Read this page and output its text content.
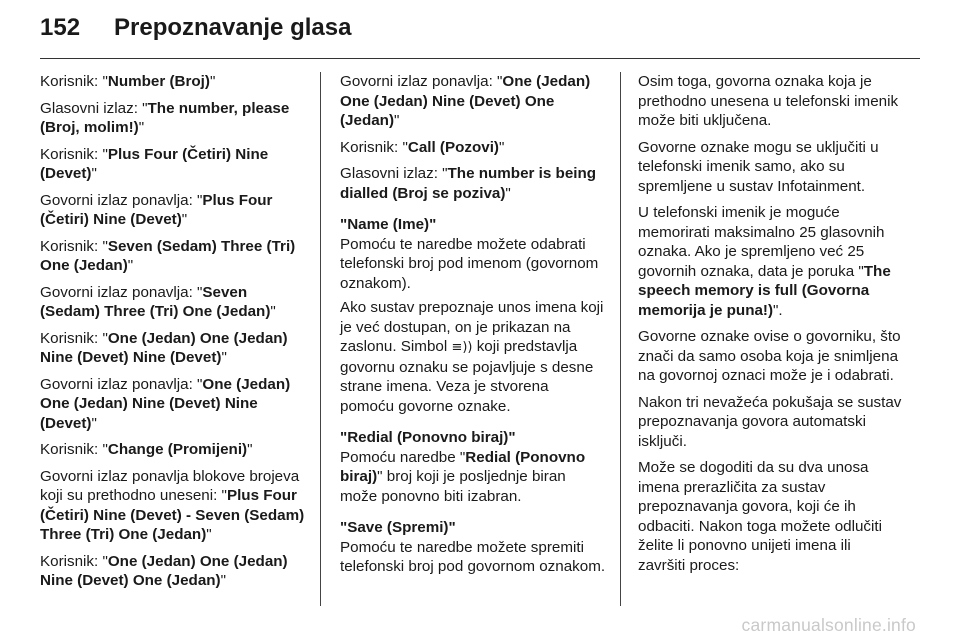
152	Prepoznavanje glasa

Korisnik: "Number (Broj)"

Glasovni izlaz: "The number, please (Broj, molim!)"

Korisnik: "Plus Four (Četiri) Nine (Devet)"

Govorni izlaz ponavlja: "Plus Four (Četiri) Nine (Devet)"

Korisnik: "Seven (Sedam) Three (Tri) One (Jedan)"

Govorni izlaz ponavlja: "Seven (Sedam) Three (Tri) One (Jedan)"

Korisnik: "One (Jedan) One (Jedan) Nine (Devet) Nine (Devet)"

Govorni izlaz ponavlja: "One (Jedan) One (Jedan) Nine (Devet) Nine (Devet)"

Korisnik: "Change (Promijeni)"

Govorni izlaz ponavlja blokove brojeva koji su prethodno uneseni: "Plus Four (Četiri) Nine (Devet) - Seven (Sedam) Three (Tri) One (Jedan)"

Korisnik: "One (Jedan) One (Jedan) Nine (Devet) One (Jedan)"

Govorni izlaz ponavlja: "One (Jedan) One (Jedan) Nine (Devet) One (Jedan)"

Korisnik: "Call (Pozovi)"

Glasovni izlaz: "The number is being dialled (Broj se poziva)"

"Name (Ime)"
Pomoću te naredbe možete odabrati telefonski broj pod imenom (govornom oznakom).

Ako sustav prepoznaje unos imena koji je već dostupan, on je prikazan na zaslonu. Simbol ≡)) koji predstavlja govornu oznaku se pojavljuje s desne strane imena. Veza je stvorena pomoću govorne oznake.

"Redial (Ponovno biraj)"
Pomoću naredbe "Redial (Ponovno biraj)" broj koji je posljednje biran može ponovno biti izabran.

"Save (Spremi)"
Pomoću te naredbe možete spremiti telefonski broj pod govornom oznakom.

Osim toga, govorna oznaka koja je prethodno unesena u telefonski imenik može biti uključena.

Govorne oznake mogu se uključiti u telefonski imenik samo, ako su spremljene u sustav Infotainment.

U telefonski imenik je moguće memorirati maksimalno 25 glasovnih oznaka. Ako je spremljeno već 25 govornih oznaka, data je poruka "The speech memory is full (Govorna memorija je puna!)".

Govorne oznake ovise o govorniku, što znači da samo osoba koja je snimljena na govornoj oznaci može je i odabrati.

Nakon tri nevažeća pokušaja se sustav prepoznavanja govora automatski isključi.

Može se dogoditi da su dva unosa imena prerazličita za sustav prepoznavanja govora, koji će ih odbaciti. Nakon toga možete odlučiti želite li ponovno unijeti imena ili završiti proces:

carmanualsonline.info
